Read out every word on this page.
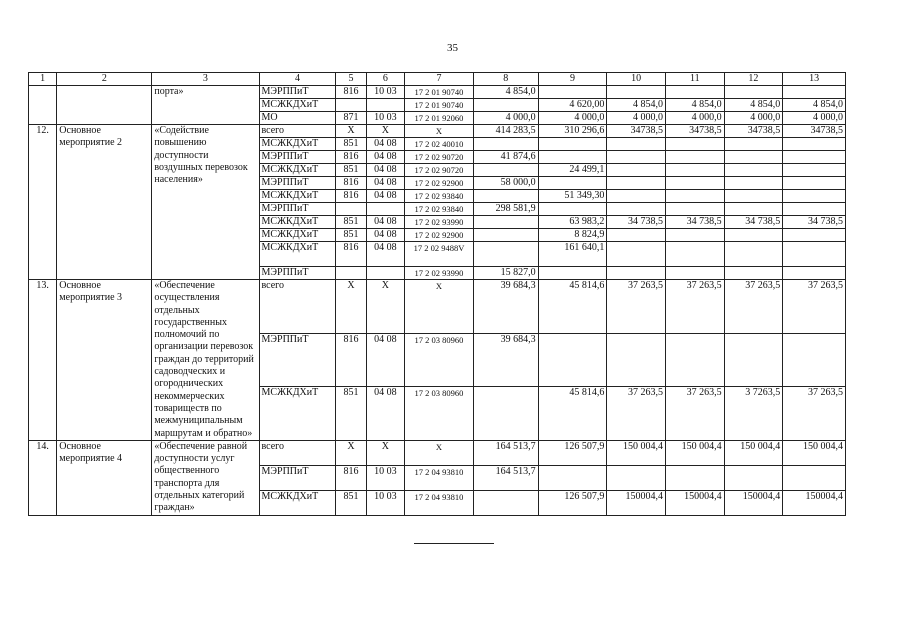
35
1	2	3	4	5	6	7	8	9	10	11	12	13
		порта»	МЭРППиТ	816	10 03	17 2 01 90740	4 854,0					
			МСЖКДХиТ			17 2 01 90740		4 620,00	4 854,0	4 854,0	4 854,0	4 854,0
			МО	871	10 03	17 2 01 92060	4 000,0	4 000,0	4 000,0	4 000,0	4 000,0	4 000,0
12.	Основное мероприятие 2	«Содействие повышению доступности воздушных перевозок населения»	всего	Х	Х	Х	414 283,5	310 296,6	34738,5	34738,5	34738,5	34738,5
			МСЖКДХиТ	851	04 08	17 2 02 40010						
			МЭРППиТ	816	04 08	17 2 02 90720	41 874,6					
			МСЖКДХиТ	851	04 08	17 2 02 90720		24 499,1				
			МЭРППиТ	816	04 08	17 2 02 92900	58 000,0					
			МСЖКДХиТ	816	04 08	17 2 02 93840		51 349,30				
			МЭРППиТ			17 2 02 93840	298 581,9					
			МСЖКДХиТ	851	04 08	17 2 02 93990		63 983,2	34 738,5	34 738,5	34 738,5	34 738,5
			МСЖКДХиТ	851	04 08	17 2 02 92900		8 824,9				
			МСЖКДХиТ	816	04 08	17 2 02 9488V		161 640,1				
			МЭРППиТ			17 2 02 93990	15 827,0					
13.	Основное мероприятие 3	«Обеспечение осуществления отдельных государственных полномочий по организации перевозок граждан до территорий садоводческих и огороднических некоммерческих товариществ по межмуниципальным маршрутам и обратно»	всего	Х	Х	Х	39 684,3	45 814,6	37 263,5	37 263,5	37 263,5	37 263,5
			МЭРППиТ	816	04 08	17 2 03 80960	39 684,3					
			МСЖКДХиТ	851	04 08	17 2 03 80960		45 814,6	37 263,5	37 263,5	3 7263,5	37 263,5
14.	Основное мероприятие 4	«Обеспечение равной доступности услуг общественного транспорта для отдельных категорий граждан»	всего	Х	Х	Х	164 513,7	126 507,9	150 004,4	150 004,4	150 004,4	150 004,4
			МЭРППиТ	816	10 03	17 2 04 93810	164 513,7					
			МСЖКДХиТ	851	10 03	17 2 04 93810		126 507,9	150004,4	150004,4	150004,4	150004,4
